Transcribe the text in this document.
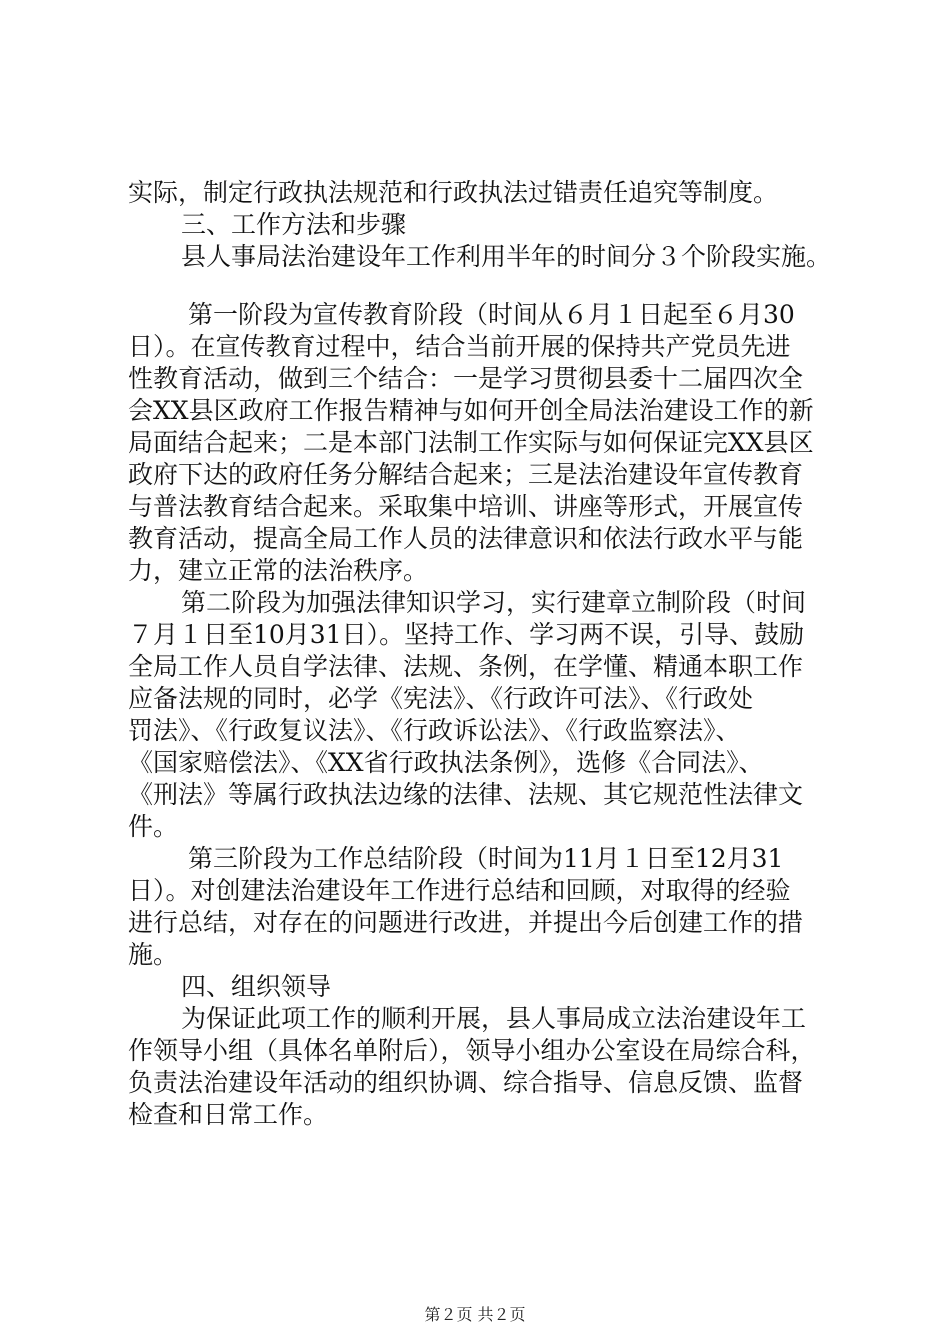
实际，制定行政执法规范和行政执法过错责任追究等制度。
三、工作方法和步骤
县人事局法治建设年工作利用半年的时间分３个阶段实施。
第一阶段为宣传教育阶段（时间从６月１日起至６月30
日）。在宣传教育过程中，结合当前开展的保持共产党员先进
性教育活动，做到三个结合：一是学习贯彻县委十二届四次全
会XX县区政府工作报告精神与如何开创全局法治建设工作的新
局面结合起来；二是本部门法制工作实际与如何保证完XX县区
政府下达的政府任务分解结合起来；三是法治建设年宣传教育
与普法教育结合起来。采取集中培训、讲座等形式，开展宣传
教育活动，提高全局工作人员的法律意识和依法行政水平与能
力，建立正常的法治秩序。
第二阶段为加强法律知识学习，实行建章立制阶段（时间
７月１日至10月31日）。坚持工作、学习两不误，引导、鼓励
全局工作人员自学法律、法规、条例，在学懂、精通本职工作
应备法规的同时，必学《宪法》、《行政许可法》、《行政处
罚法》、《行政复议法》、《行政诉讼法》、《行政监察法》、
《国家赔偿法》、《XX省行政执法条例》，选修《合同法》、
《刑法》等属行政执法边缘的法律、法规、其它规范性法律文
件。
第三阶段为工作总结阶段（时间为11月１日至12月31
日）。对创建法治建设年工作进行总结和回顾，对取得的经验
进行总结，对存在的问题进行改进，并提出今后创建工作的措
施。
四、组织领导
为保证此项工作的顺利开展，县人事局成立法治建设年工
作领导小组（具体名单附后），领导小组办公室设在局综合科，
负责法治建设年活动的组织协调、综合指导、信息反馈、监督
检查和日常工作。
第２页 共２页
